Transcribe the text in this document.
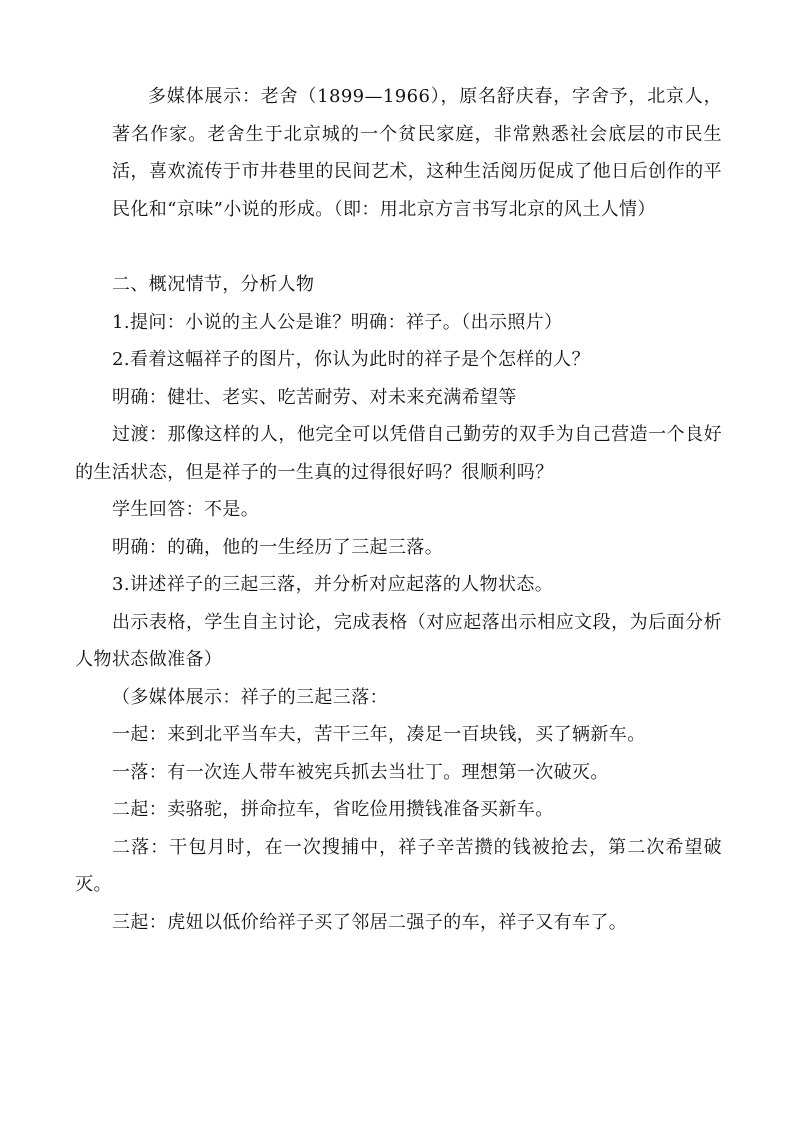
多媒体展示：老舍（1899—1966），原名舒庆春，字舍予，北京人，著名作家。老舍生于北京城的一个贫民家庭，非常熟悉社会底层的市民生活，喜欢流传于市井巷里的民间艺术，这种生活阅历促成了他日后创作的平民化和“京味”小说的形成。（即：用北京方言书写北京的风土人情）

二、概况情节，分析人物

1.提问：小说的主人公是谁？明确：祥子。（出示照片）

2.看着这幅祥子的图片，你认为此时的祥子是个怎样的人？

明确：健壮、老实、吃苦耐劳、对未来充满希望等

过渡：那像这样的人，他完全可以凭借自己勤劳的双手为自己营造一个良好的生活状态，但是祥子的一生真的过得很好吗？很顺利吗？

学生回答：不是。

明确：的确，他的一生经历了三起三落。

3.讲述祥子的三起三落，并分析对应起落的人物状态。

出示表格，学生自主讨论，完成表格（对应起落出示相应文段，为后面分析人物状态做准备）

（多媒体展示：祥子的三起三落：

一起：来到北平当车夫，苦干三年，凑足一百块钱，买了辆新车。

一落：有一次连人带车被宪兵抓去当壮丁。理想第一次破灭。

二起：卖骆驼，拼命拉车，省吃俭用攒钱准备买新车。

二落：干包月时，在一次搜捕中，祥子辛苦攒的钱被抢去，第二次希望破灭。

三起：虎妞以低价给祥子买了邻居二强子的车，祥子又有车了。
